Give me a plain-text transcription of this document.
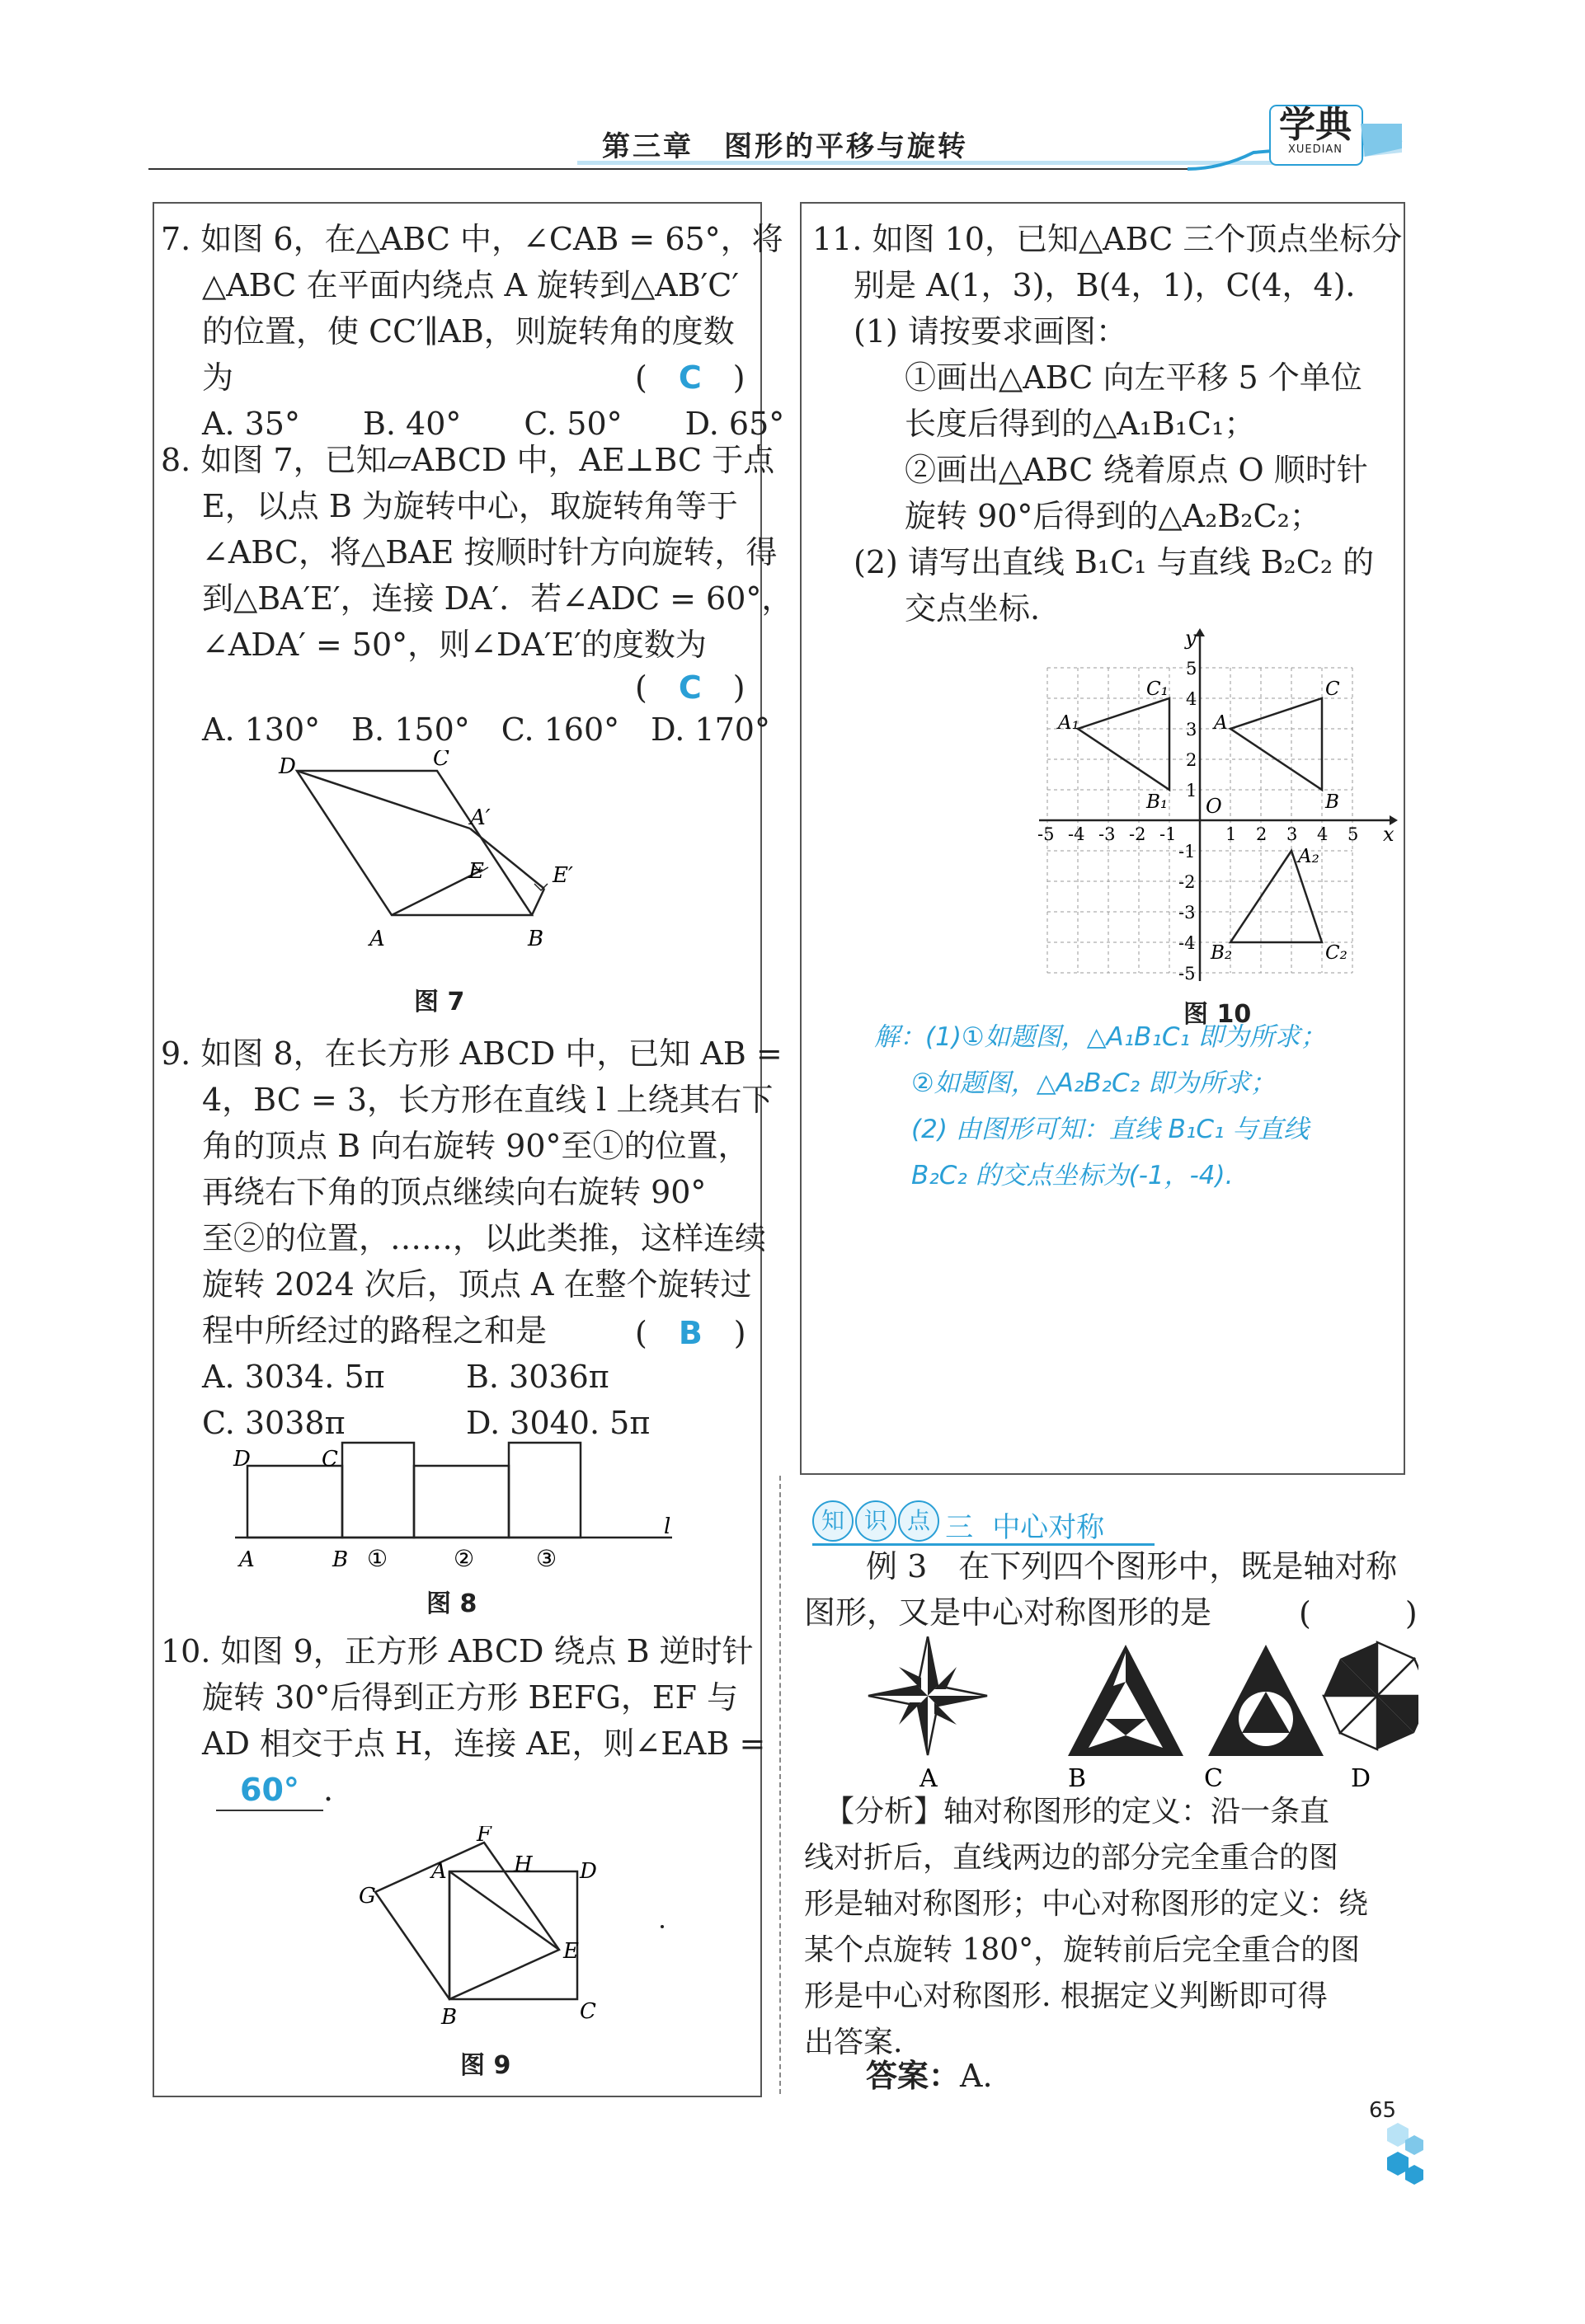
第三章　图形的平移与旋转
学典
XUEDIAN

7. 如图 6，在△ABC 中，∠CAB = 65°，将

△ABC 在平面内绕点 A 旋转到△AB′C′

的位置，使 CC′∥AB，则旋转角的度数

为

A. 35°　　B. 40°　　C. 50°　　D. 65°

(　C　)

8. 如图 7，已知▱ABCD 中，AE⊥BC 于点

E，以点 B 为旋转中心，取旋转角等于

∠ABC，将△BAE 按顺时针方向旋转，得

到△BA′E′，连接 DA′．若∠ADC = 60°，

∠ADA′ = 50°，则∠DA′E′的度数为

(　C　)
A. 130°　B. 150°　C. 160°　D. 170°
D	C
A′
E	E′
A	B
图 7

9. 如图 8，在长方形 ABCD 中，已知 AB =

4，BC = 3，长方形在直线 l 上绕其右下

角的顶点 B 向右旋转 90°至①的位置，

再绕右下角的顶点继续向右旋转 90°

至②的位置，……，以此类推，这样连续

旋转 2024 次后，顶点 A 在整个旋转过

程中所经过的路程之和是	(　B　)
A. 3034. 5π	B. 3036π
C. 3038π	D. 3040. 5π
D	C
A	B ①	②	③
l
图 8

10. 如图 9，正方形 ABCD 绕点 B 逆时针

旋转 30°后得到正方形 BEFG，EF 与

AD 相交于点 H，连接 AE，则∠EAB =

60° .
F
A	H D
G
E
B	C
图 9

11. 如图 10，已知△ABC 三个顶点坐标分

别是 A(1，3)，B(4，1)，C(4，4)．

(1) 请按要求画图：

①画出△ABC 向左平移 5 个单位

长度后得到的△A₁B₁C₁；

②画出△ABC 绕着原点 O 顺时针

旋转 90°后得到的△A₂B₂C₂；

(2) 请写出直线 B₁C₁ 与直线 B₂C₂ 的

交点坐标.

x
y
O
-5 -4 -3 -2 -1	1 2 3 4 5
5
4
3
2
1
-1
-2
-3
-4
-5
A
B
C
A₁
B₁
C₁
A₂
B₂	C₂
图 10

解：(1)①如题图，△A₁B₁C₁ 即为所求；

②如题图，△A₂B₂C₂ 即为所求；

(2) 由图形可知：直线 B₁C₁ 与直线

B₂C₂ 的交点坐标为(-1，-4).

知 识 点 三 中心对称

例 3　在下列四个图形中，既是轴对称

图形，又是中心对称图形的是	(　　　)
A	B	C	D

【分析】轴对称图形的定义：沿一条直

线对折后，直线两边的部分完全重合的图

形是轴对称图形；中心对称图形的定义：绕

某个点旋转 180°，旋转前后完全重合的图

形是中心对称图形. 根据定义判断即可得

出答案.

答案：A.
65
